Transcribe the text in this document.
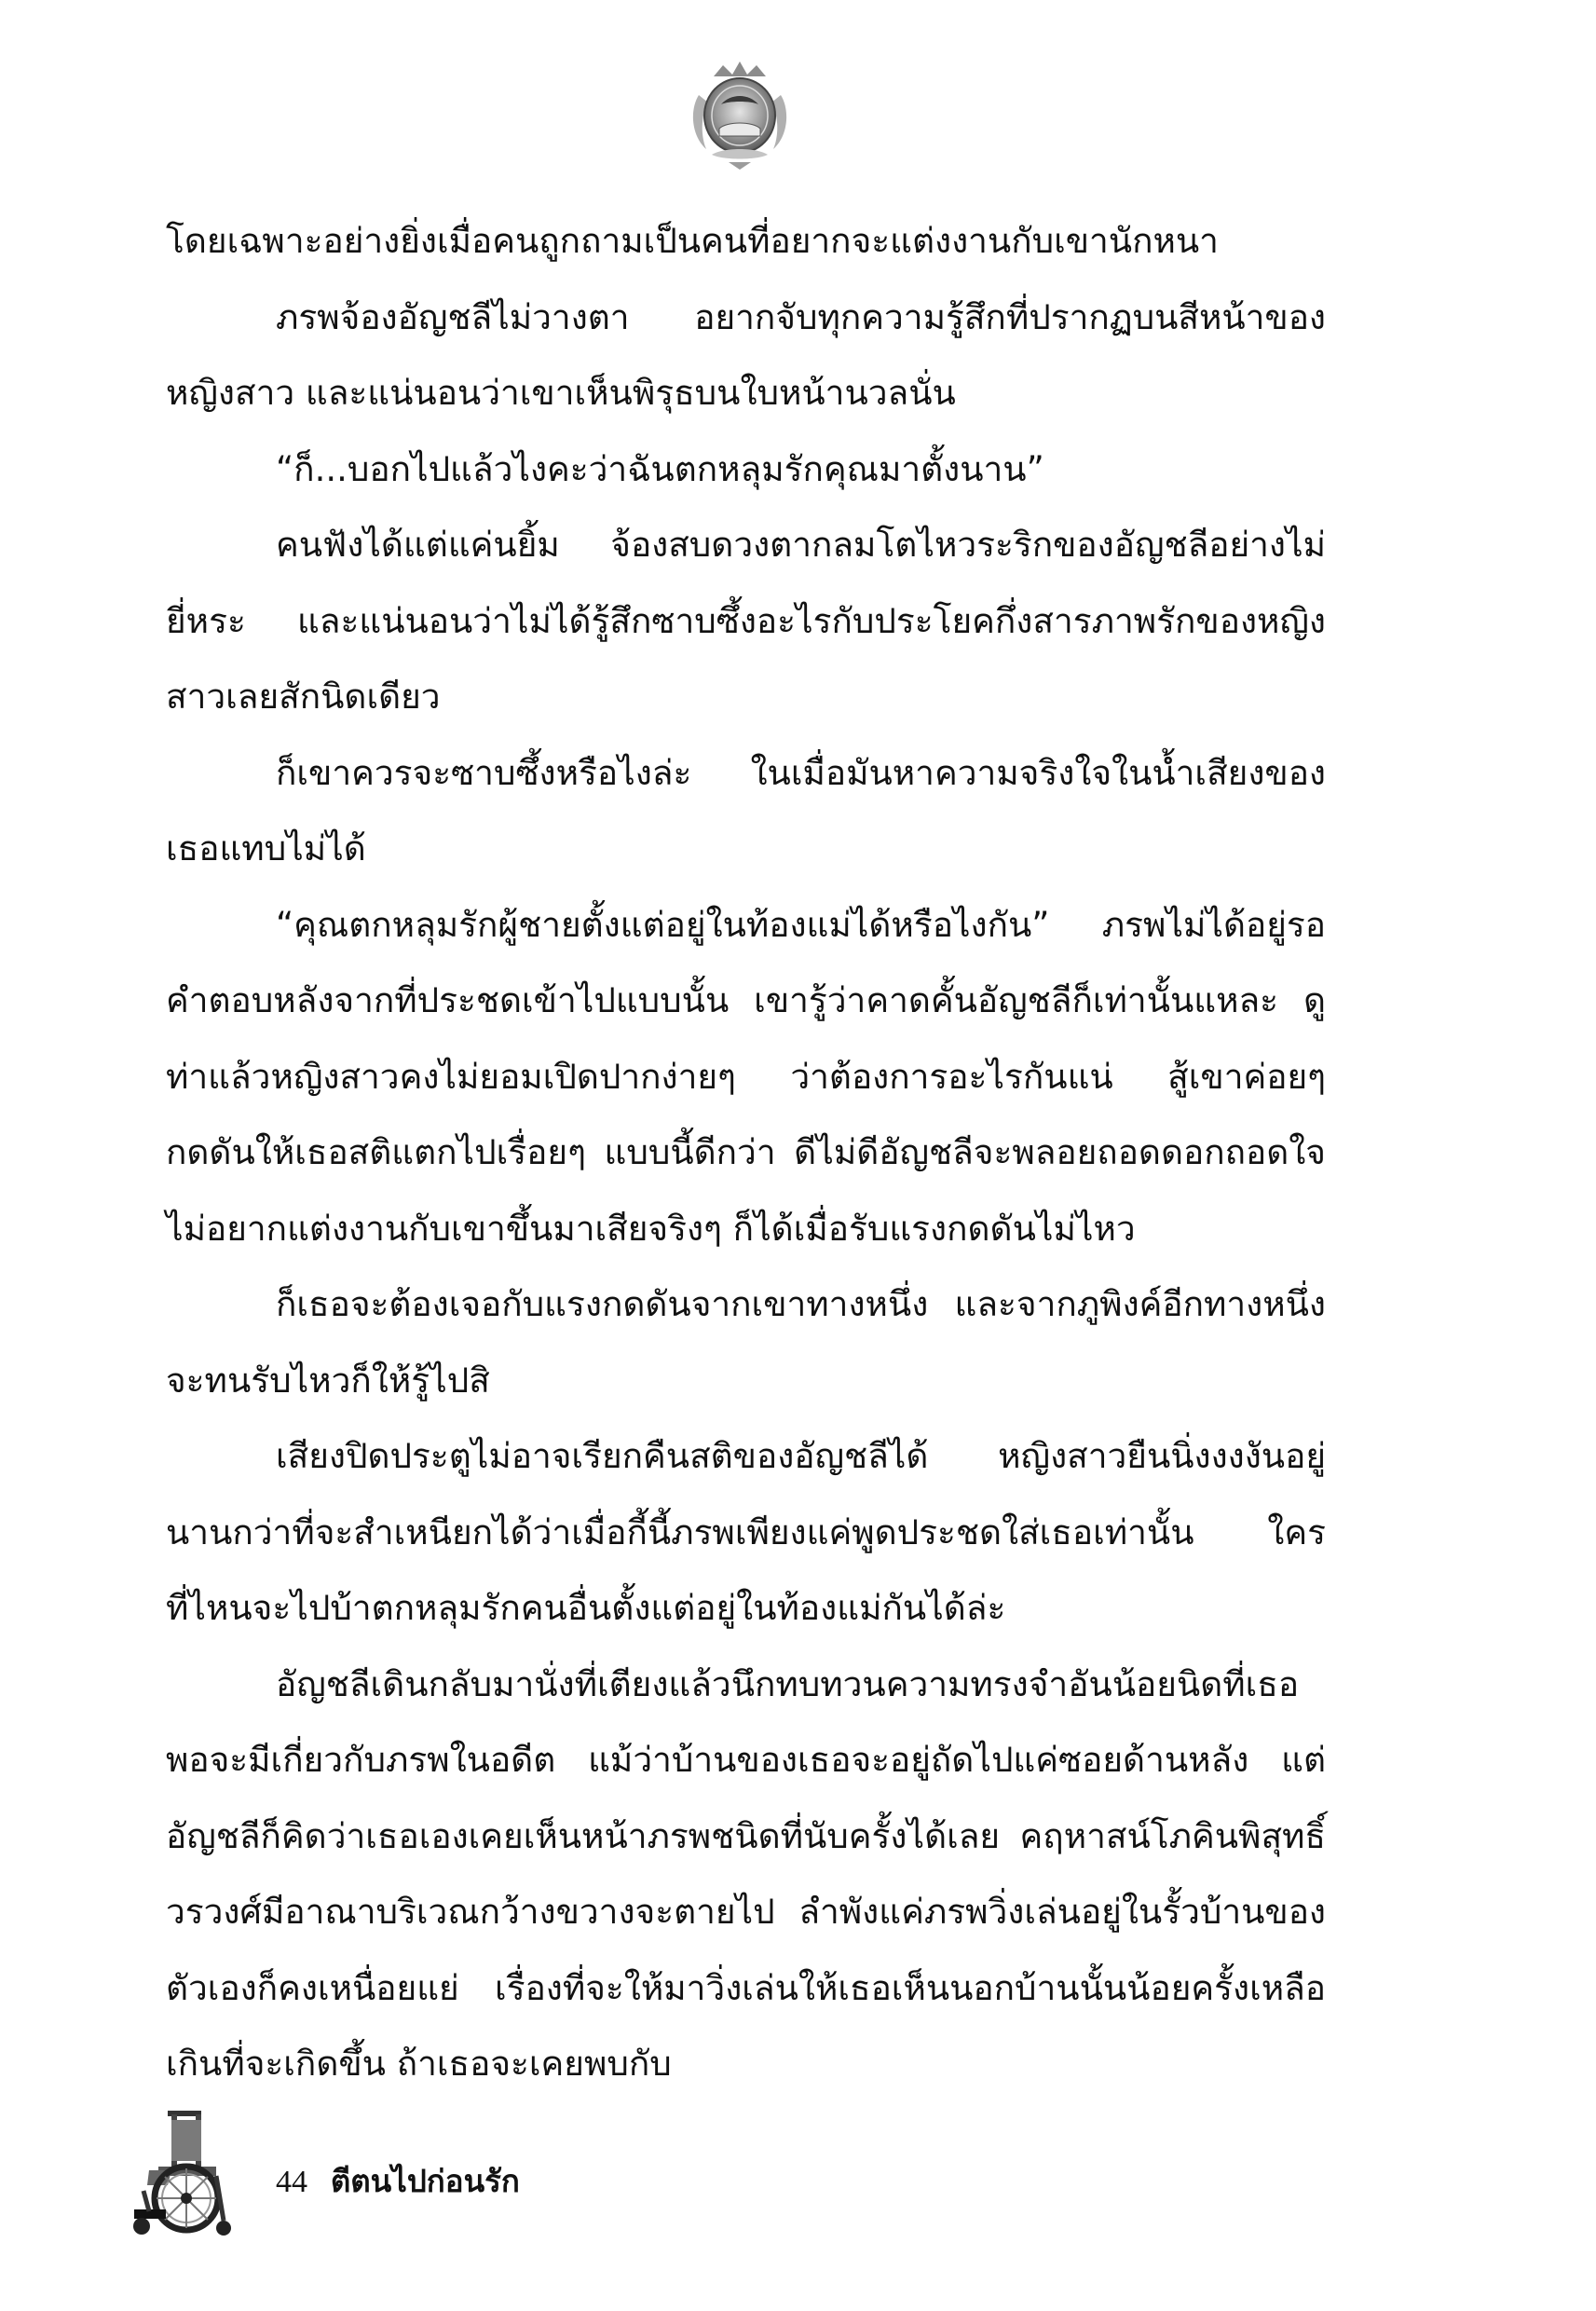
โดยเฉพาะอย่างยิ่งเมื่อคนถูกถามเป็นคนที่อยากจะแต่งงานกับเขานักหนา

ภรพจ้องอัญชลีไม่วางตา อยากจับทุกความรู้สึกที่ปรากฏบนสีหน้าของหญิงสาว และแน่นอนว่าเขาเห็นพิรุธบนใบหน้านวลนั่น

“ก็...บอกไปแล้วไงคะว่าฉันตกหลุมรักคุณมาตั้งนาน”

คนฟังได้แต่แค่นยิ้ม จ้องสบดวงตากลมโตไหวระริกของอัญชลีอย่างไม่ยี่หระ และแน่นอนว่าไม่ได้รู้สึกซาบซึ้งอะไรกับประโยคกึ่งสารภาพรักของหญิงสาวเลยสักนิดเดียว

ก็เขาควรจะซาบซึ้งหรือไงล่ะ ในเมื่อมันหาความจริงใจในน้ำเสียงของเธอแทบไม่ได้

“คุณตกหลุมรักผู้ชายตั้งแต่อยู่ในท้องแม่ได้หรือไงกัน” ภรพไม่ได้อยู่รอคำตอบหลังจากที่ประชดเข้าไปแบบนั้น เขารู้ว่าคาดคั้นอัญชลีก็เท่านั้นแหละ ดูท่าแล้วหญิงสาวคงไม่ยอมเปิดปากง่ายๆ ว่าต้องการอะไรกันแน่ สู้เขาค่อยๆ กดดันให้เธอสติแตกไปเรื่อยๆ แบบนี้ดีกว่า ดีไม่ดีอัญชลีจะพลอยถอดดอกถอดใจไม่อยากแต่งงานกับเขาขึ้นมาเสียจริงๆ ก็ได้เมื่อรับแรงกดดันไม่ไหว

ก็เธอจะต้องเจอกับแรงกดดันจากเขาทางหนึ่ง และจากภูพิงค์อีกทางหนึ่ง จะทนรับไหวก็ให้รู้ไปสิ

เสียงปิดประตูไม่อาจเรียกคืนสติของอัญชลีได้ หญิงสาวยืนนิ่งงงงันอยู่นานกว่าที่จะสำเหนียกได้ว่าเมื่อกี้นี้ภรพเพียงแค่พูดประชดใส่เธอเท่านั้น ใครที่ไหนจะไปบ้าตกหลุมรักคนอื่นตั้งแต่อยู่ในท้องแม่กันได้ล่ะ

อัญชลีเดินกลับมานั่งที่เตียงแล้วนึกทบทวนความทรงจำอันน้อยนิดที่เธอพอจะมีเกี่ยวกับภรพในอดีต แม้ว่าบ้านของเธอจะอยู่ถัดไปแค่ซอยด้านหลัง แต่อัญชลีก็คิดว่าเธอเองเคยเห็นหน้าภรพชนิดที่นับครั้งได้เลย คฤหาสน์โภคินพิสุทธิ์วรวงศ์มีอาณาบริเวณกว้างขวางจะตายไป ลำพังแค่ภรพวิ่งเล่นอยู่ในรั้วบ้านของตัวเองก็คงเหนื่อยแย่ เรื่องที่จะให้มาวิ่งเล่นให้เธอเห็นนอกบ้านนั้นน้อยครั้งเหลือเกินที่จะเกิดขึ้น ถ้าเธอจะเคยพบกับ

44 ตีตนไปก่อนรัก
